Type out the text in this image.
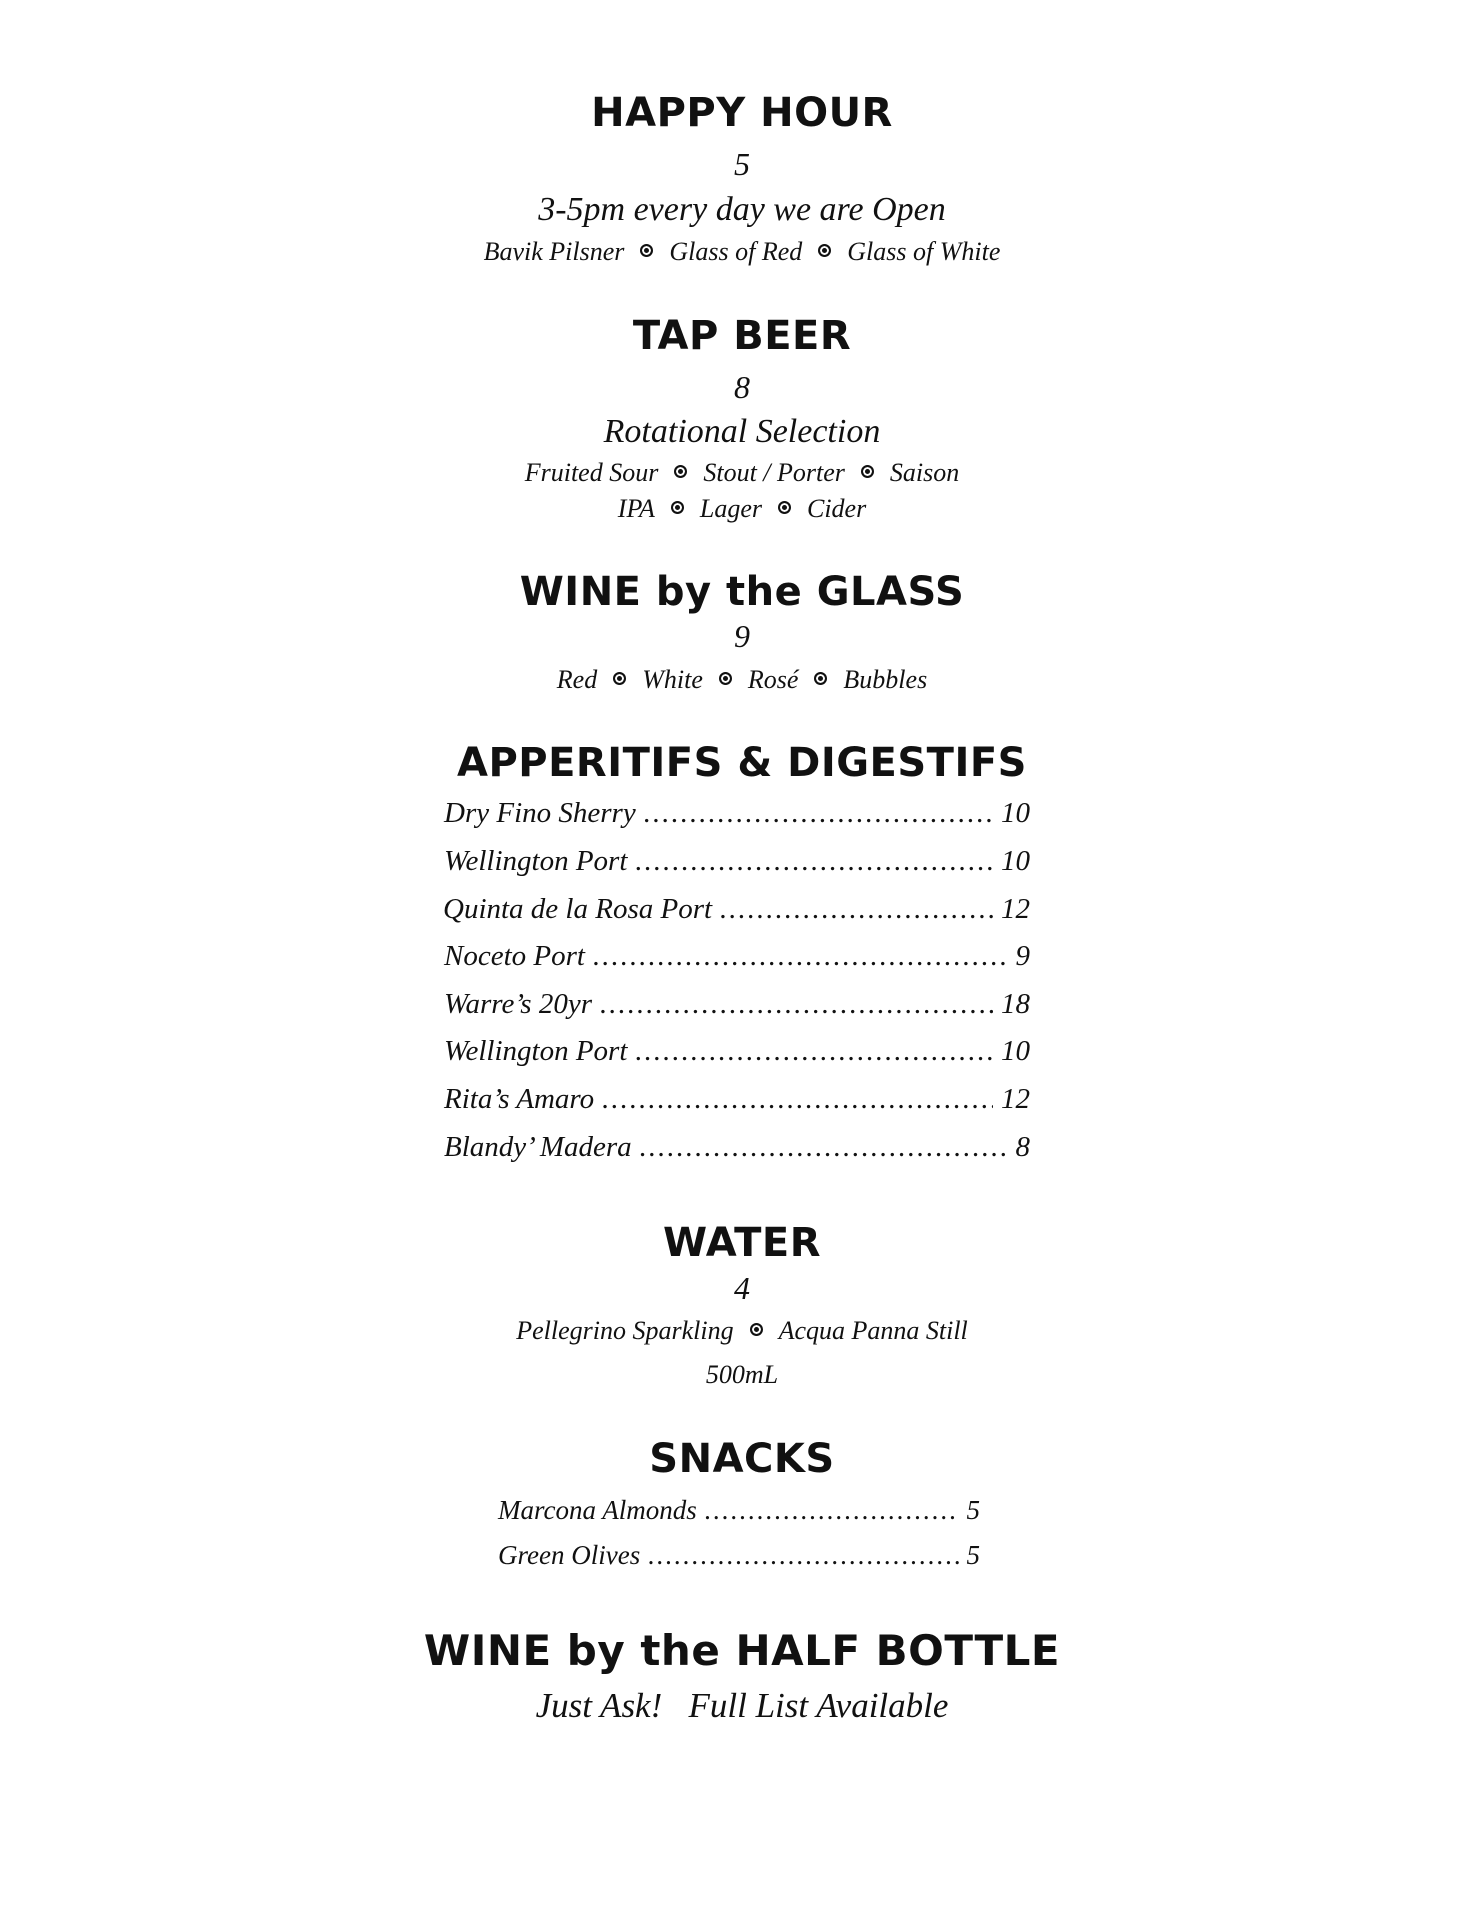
HAPPY HOUR
5
3-5pm every day we are Open
Bavik Pilsner Glass of Red Glass of White
TAP BEER
8
Rotational Selection
Fruited Sour Stout / Porter Saison
IPA Lager Cider
WINE by the GLASS
9
Red White Rosé Bubbles
APPERITIFS & DIGESTIFS
Dry Fino Sherry .....	10
Wellington Port .....	10
Quinta de la Rosa Port .....	12
Noceto Port .....	9
Warre’s 20yr .....	18
Wellington Port .....	10
Rita’s Amaro .....	12
Blandy’ Madera .....	8
WATER
4
Pellegrino Sparkling Acqua Panna Still
500mL
SNACKS
Marcona Almonds .....	5
Green Olives .....	5
WINE by the HALF BOTTLE
Just Ask!   Full List Available
